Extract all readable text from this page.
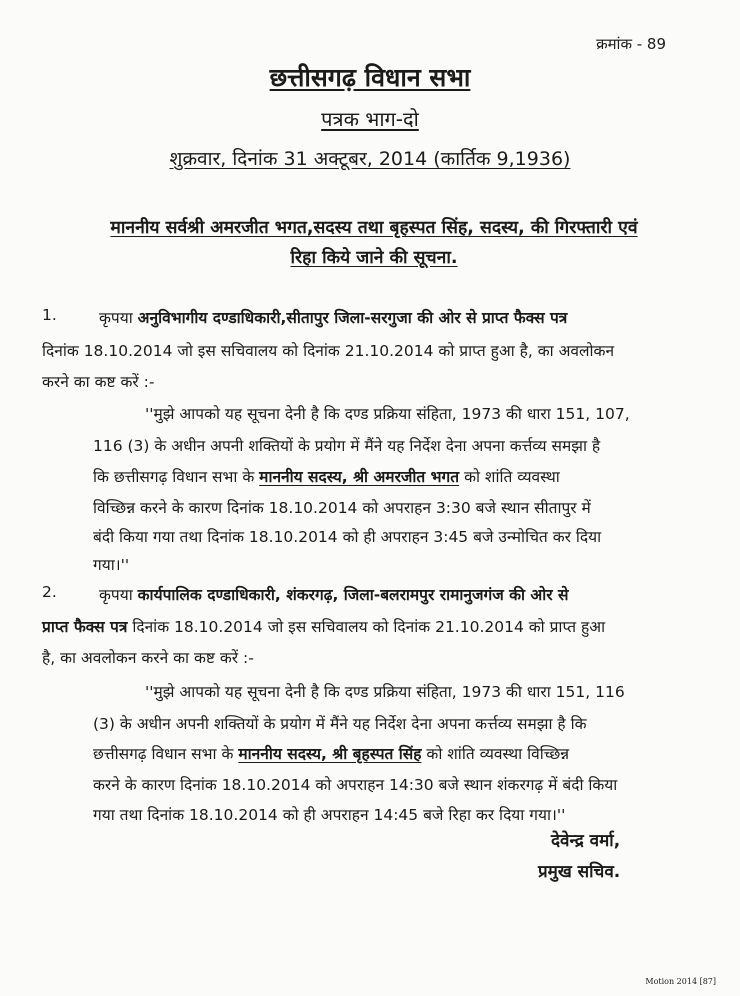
क्रमांक - 89
छत्तीसगढ़ विधान सभा
पत्रक भाग-दो
शुक्रवार, दिनांक 31 अक्टूबर, 2014 (कार्तिक 9,1936)
माननीय सर्वश्री अमरजीत भगत,सदस्य तथा बृहस्पत सिंह, सदस्य, की गिरफ्तारी एवं
रिहा किये जाने की सूचना.
1.	कृपया अनुविभागीय दण्डाधिकारी,सीतापुर जिला-सरगुजा की ओर से प्राप्त फैक्स पत्र
दिनांक 18.10.2014 जो इस सचिवालय को दिनांक 21.10.2014 को प्राप्त हुआ है, का अवलोकन
करने का कष्ट करें :-
''मुझे आपको यह सूचना देनी है कि दण्ड प्रक्रिया संहिता, 1973 की धारा 151, 107,
116 (3) के अधीन अपनी शक्तियों के प्रयोग में मैंने यह निर्देश देना अपना कर्त्तव्य समझा है
कि छत्तीसगढ़ विधान सभा के माननीय सदस्य, श्री अमरजीत भगत को शांति व्यवस्था
विच्छिन्न करने के कारण दिनांक 18.10.2014 को अपराहन 3:30 बजे स्थान सीतापुर में
बंदी किया गया तथा दिनांक 18.10.2014 को ही अपराहन 3:45 बजे उन्मोचित कर दिया
गया।''
2.	कृपया कार्यपालिक दण्डाधिकारी, शंकरगढ़, जिला-बलरामपुर रामानुजगंज की ओर से
प्राप्त फैक्स पत्र दिनांक 18.10.2014 जो इस सचिवालय को दिनांक 21.10.2014 को प्राप्त हुआ
है, का अवलोकन करने का कष्ट करें :-
''मुझे आपको यह सूचना देनी है कि दण्ड प्रक्रिया संहिता, 1973 की धारा 151, 116
(3) के अधीन अपनी शक्तियों के प्रयोग में मैंने यह निर्देश देना अपना कर्त्तव्य समझा है कि
छत्तीसगढ़ विधान सभा के माननीय सदस्य, श्री बृहस्पत सिंह को शांति व्यवस्था विच्छिन्न
करने के कारण दिनांक 18.10.2014 को अपराहन 14:30 बजे स्थान शंकरगढ़ में बंदी किया
गया तथा दिनांक 18.10.2014 को ही अपराहन 14:45 बजे रिहा कर दिया गया।''
देवेन्द्र वर्मा,
प्रमुख सचिव.
Motion 2014 [87]
